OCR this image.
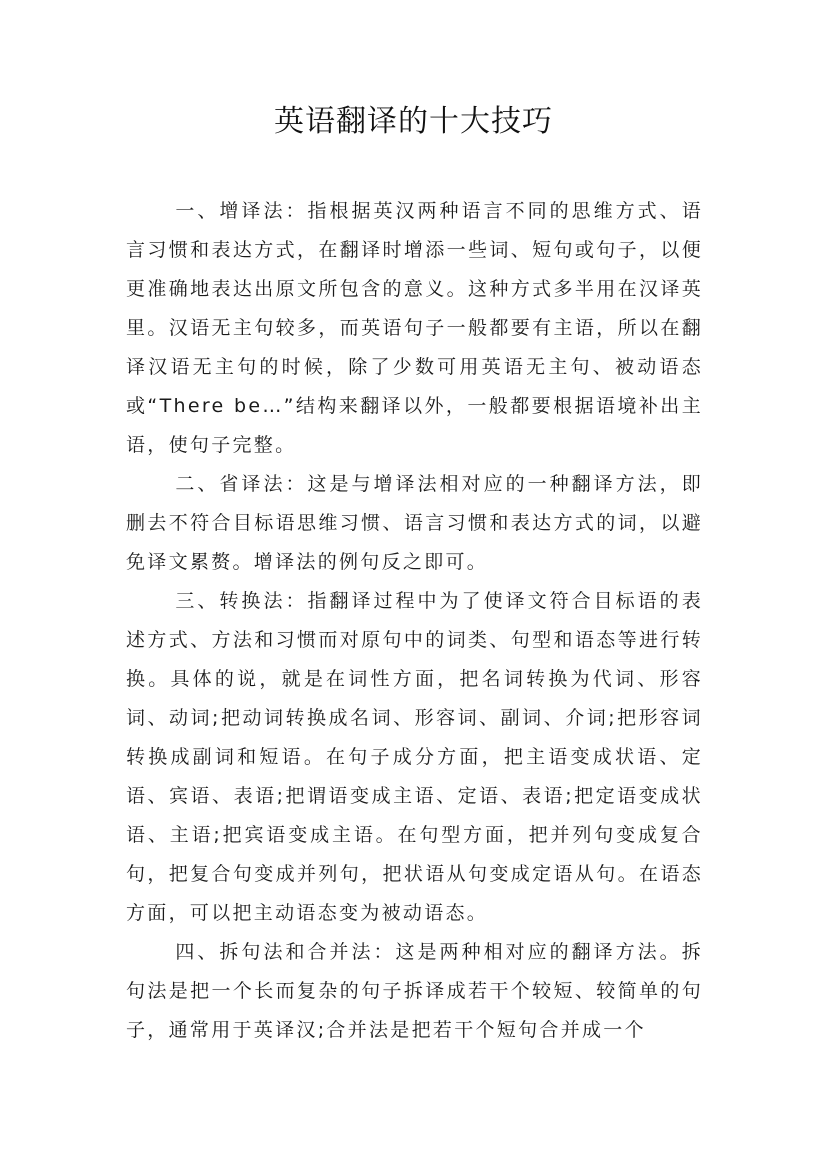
英语翻译的十大技巧

一、增译法：指根据英汉两种语言不同的思维方式、语言习惯和表达方式，在翻译时增添一些词、短句或句子，以便更准确地表达出原文所包含的意义。这种方式多半用在汉译英里。汉语无主句较多，而英语句子一般都要有主语，所以在翻译汉语无主句的时候，除了少数可用英语无主句、被动语态或“There be…”结构来翻译以外，一般都要根据语境补出主语，使句子完整。

二、省译法：这是与增译法相对应的一种翻译方法，即删去不符合目标语思维习惯、语言习惯和表达方式的词，以避免译文累赘。增译法的例句反之即可。

三、转换法：指翻译过程中为了使译文符合目标语的表述方式、方法和习惯而对原句中的词类、句型和语态等进行转换。具体的说，就是在词性方面，把名词转换为代词、形容词、动词;把动词转换成名词、形容词、副词、介词;把形容词转换成副词和短语。在句子成分方面，把主语变成状语、定语、宾语、表语;把谓语变成主语、定语、表语;把定语变成状语、主语;把宾语变成主语。在句型方面，把并列句变成复合句，把复合句变成并列句，把状语从句变成定语从句。在语态方面，可以把主动语态变为被动语态。

四、拆句法和合并法：这是两种相对应的翻译方法。拆句法是把一个长而复杂的句子拆译成若干个较短、较简单的句子，通常用于英译汉;合并法是把若干个短句合并成一个
